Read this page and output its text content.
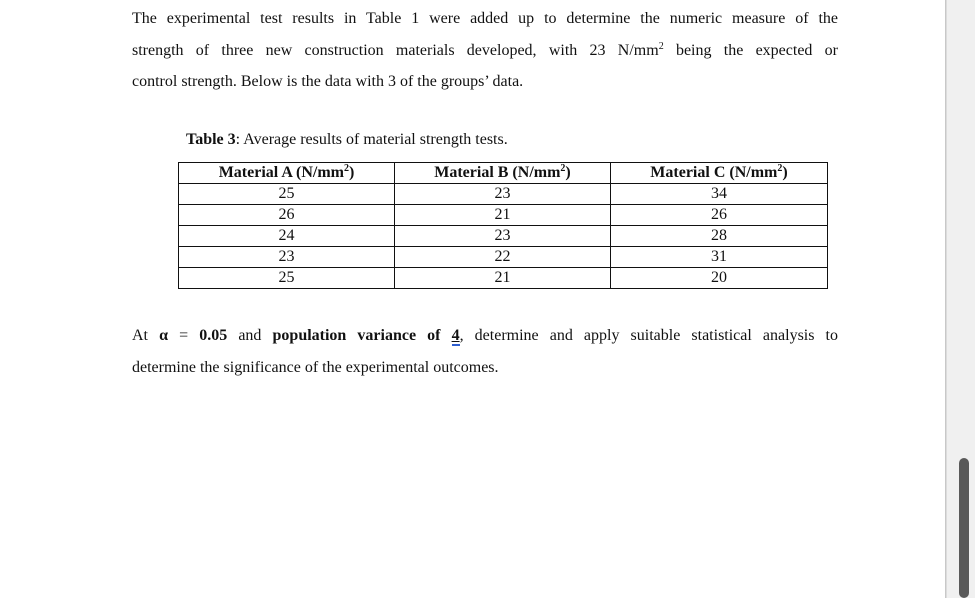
The experimental test results in Table 1 were added up to determine the numeric measure of the
strength of three new construction materials developed, with 23 $N/mm^2$ being the expected or
control strength. Below is the data with 3 of the groups’ data.

Table 3: Average results of material strength tests.

Material A $(N/mm^2)$	Material B $(N/mm^2)$	Material C $(N/mm^2)$
25	23	34
26	21	26
24	23	28
23	22	31
25	21	20

At α = 0.05 and population variance of 4, determine and apply suitable statistical analysis to
determine the significance of the experimental outcomes.
